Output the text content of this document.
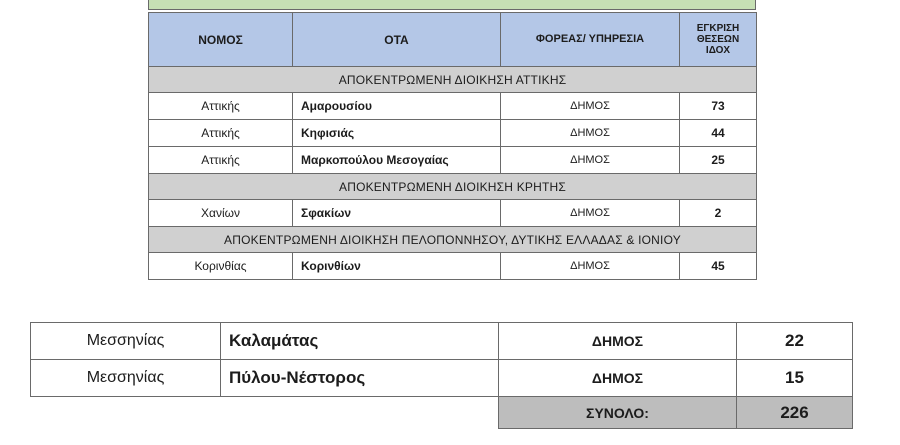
ΝΟΜΟΣ	ΟΤΑ	ΦΟΡΕΑΣ/ ΥΠΗΡΕΣΙΑ	ΕΓΚΡΙΣΗ
ΘΕΣΕΩΝ
ΙΔΟΧ

ΑΠΟΚΕΝΤΡΩΜΕΝΗ ΔΙΟΙΚΗΣΗ ΑΤΤΙΚΗΣ			
Αττικής	Αμαρουσίου	ΔΗΜΟΣ	73
Αττικής	Κηφισιάς	ΔΗΜΟΣ	44
Αττικής	Μαρκοπούλου Μεσογαίας	ΔΗΜΟΣ	25
ΑΠΟΚΕΝΤΡΩΜΕΝΗ ΔΙΟΙΚΗΣΗ ΚΡΗΤΗΣ			
Χανίων	Σφακίων	ΔΗΜΟΣ	2
ΑΠΟΚΕΝΤΡΩΜΕΝΗ ΔΙΟΙΚΗΣΗ ΠΕΛΟΠΟΝΝΗΣΟΥ, ΔΥΤΙΚΗΣ ΕΛΛΑΔΑΣ & ΙΟΝΙΟΥ			
Κορινθίας	Κορινθίων	ΔΗΜΟΣ	45
Μεσσηνίας	Καλαμάτας	ΔΗΜΟΣ	22
Μεσσηνίας	Πύλου-Νέστορος	ΔΗΜΟΣ	15
		ΣΥΝΟΛΟ:	226
